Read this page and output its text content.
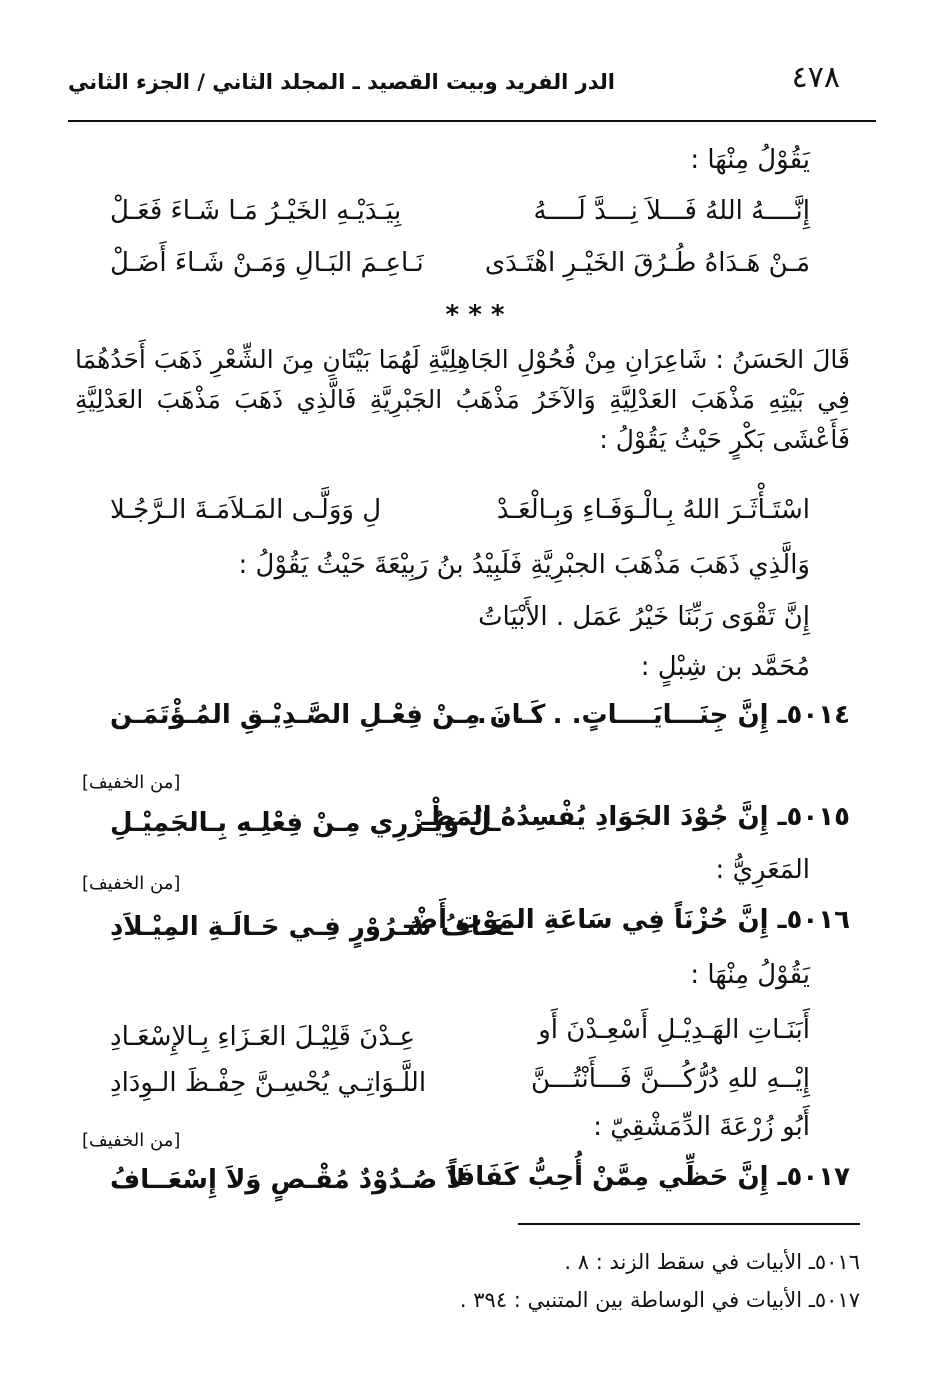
٤٧٨
الدر الفريد وبيت القصيد ـ المجلد الثاني / الجزء الثاني
يَقُوْلُ مِنْهَا :
إِنَّــــهُ اللهُ فَـــلاَ نِـــدَّ لَــــهُ
بِيَـدَيْـهِ الخَيْـرُ مَـا شَـاءَ فَعَـلْ
مَـنْ هَـدَاهُ طُـرُقَ الخَيْـرِ اهْتَـدَى
نَـاعِـمَ البَـالِ وَمَـنْ شَـاءَ أَضَـلْ
* * *
قَالَ الحَسَنُ : شَاعِرَانِ مِنْ فُحُوْلِ الجَاهِلِيَّةِ لَهُمَا بَيْتَانِ مِنَ الشِّعْرِ ذَهَبَ أَحَدُهُمَا فِي بَيْتِهِ مَذْهَبَ العَدْلِيَّةِ وَالآخَرُ مَذْهَبُ الجَبْرِيَّةِ فَالَّذِي ذَهَبَ مَذْهَبَ العَدْلِيَّةِ فَأَعْشَى بَكْرٍ حَيْثُ يَقُوْلُ :
اسْتَـأْثَـرَ اللهُ بِـالْـوَفَـاءِ وَبِـالْعَـدْ
لِ وَوَلَّـى المَـلاَمَـةَ الـرَّجُـلا
وَالَّذِي ذَهَبَ مَذْهَبَ الجبْرِيَّةِ فَلَبِيْدُ بنُ رَبِيْعَةَ حَيْثُ يَقُوْلُ :
إِنَّ تَقْوَى رَبِّنَا خَيْرُ عَمَل . الأَبْيَاتُ
مُحَمَّد بن شِبْلٍ :
٥٠١٤ـ إِنَّ جِنَـــايَــــاتٍ. . . . . .
كَـانَ مِـنْ فِعْـلِ الصَّـدِيْـقِ المُـؤْتَمَـن
[من الخفيف]
٥٠١٥ـ إِنَّ جُوْدَ الجَوَادِ يُفْسِدُهُ المَطْـ
ـلُ وَيُـزْرِي مِـنْ فِعْلِـهِ بِـالجَمِيْـلِ
المَعَرِيُّ :
[من الخفيف]
٥٠١٦ـ إِنَّ حُزْنَاً فِي سَاعَةِ المَوْتِ أَضْـ
ـعَـافُ سُـرُوْرٍ فِـي حَـالَـةِ المِيْـلاَدِ
يَقُوْلُ مِنْهَا :
أَبَنَـاتِ الهَـدِيْـلِ أَسْعِـدْنَ أَو
عِـدْنَ قَلِيْـلَ العَـزَاءِ بِـالإِسْعَـادِ
إِيْــهِ للهِ دُرُّكُـــنَّ فَـــأَنْتُـــنَّ
اللَّـوَاتِـي يُحْسِـنَّ حِفْـظَ الـوِدَادِ
أَبُو زُرْعَةَ الدِّمَشْقِيّ :
[من الخفيف]
٥٠١٧ـ إِنَّ حَظِّي مِمَّنْ أُحِبُّ كَفَافَاً
لاَ صُـدُوْدٌ مُقْـصٍ وَلاَ إِسْعَــافُ
٥٠١٦ـ الأبيات في سقط الزند : ٨ .
٥٠١٧ـ الأبيات في الوساطة بين المتنبي : ٣٩٤ .
